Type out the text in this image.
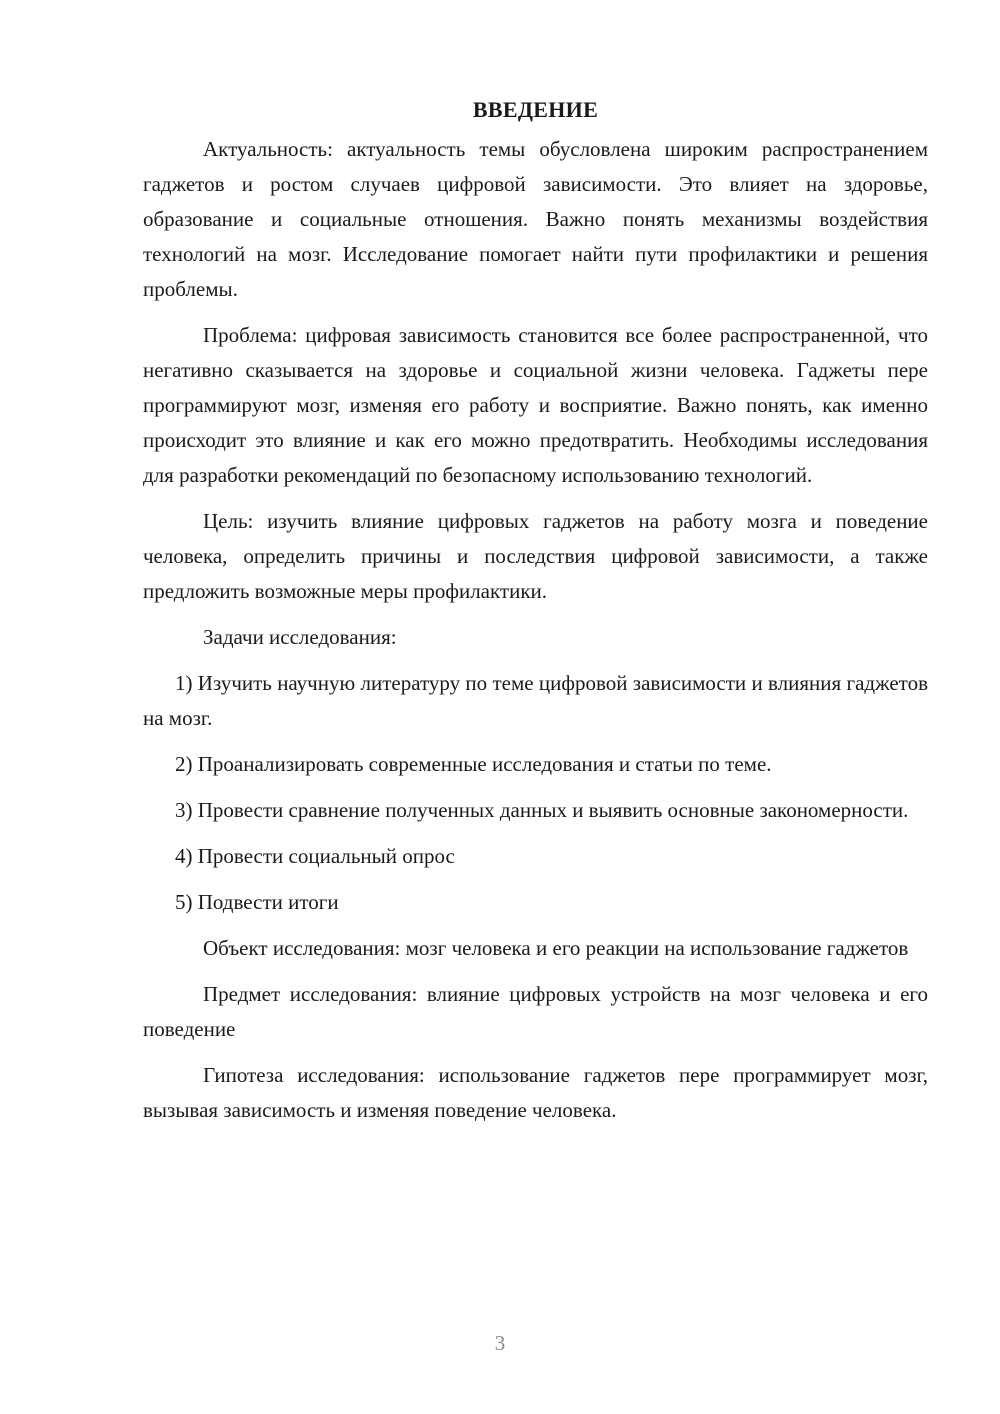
ВВЕДЕНИЕ

Актуальность: актуальность темы обусловлена широким распространением гаджетов и ростом случаев цифровой зависимости. Это влияет на здоровье, образование и социальные отношения. Важно понять механизмы воздействия технологий на мозг. Исследование помогает найти пути профилактики и решения проблемы.

Проблема: цифровая зависимость становится все более распространенной, что негативно сказывается на здоровье и социальной жизни человека. Гаджеты пере программируют мозг, изменяя его работу и восприятие. Важно понять, как именно происходит это влияние и как его можно предотвратить. Необходимы исследования для разработки рекомендаций по безопасному использованию технологий.

Цель: изучить влияние цифровых гаджетов на работу мозга и поведение человека, определить причины и последствия цифровой зависимости, а также предложить возможные меры профилактики.

Задачи исследования:

1) Изучить научную литературу по теме цифровой зависимости и влияния гаджетов на мозг.

2) Проанализировать современные исследования и статьи по теме.

3) Провести сравнение полученных данных и выявить основные закономерности.

4) Провести социальный опрос

5) Подвести итоги

Объект исследования: мозг человека и его реакции на использование гаджетов

Предмет исследования: влияние цифровых устройств на мозг человека и его поведение

Гипотеза исследования: использование гаджетов пере программирует мозг, вызывая зависимость и изменяя поведение человека.

3
